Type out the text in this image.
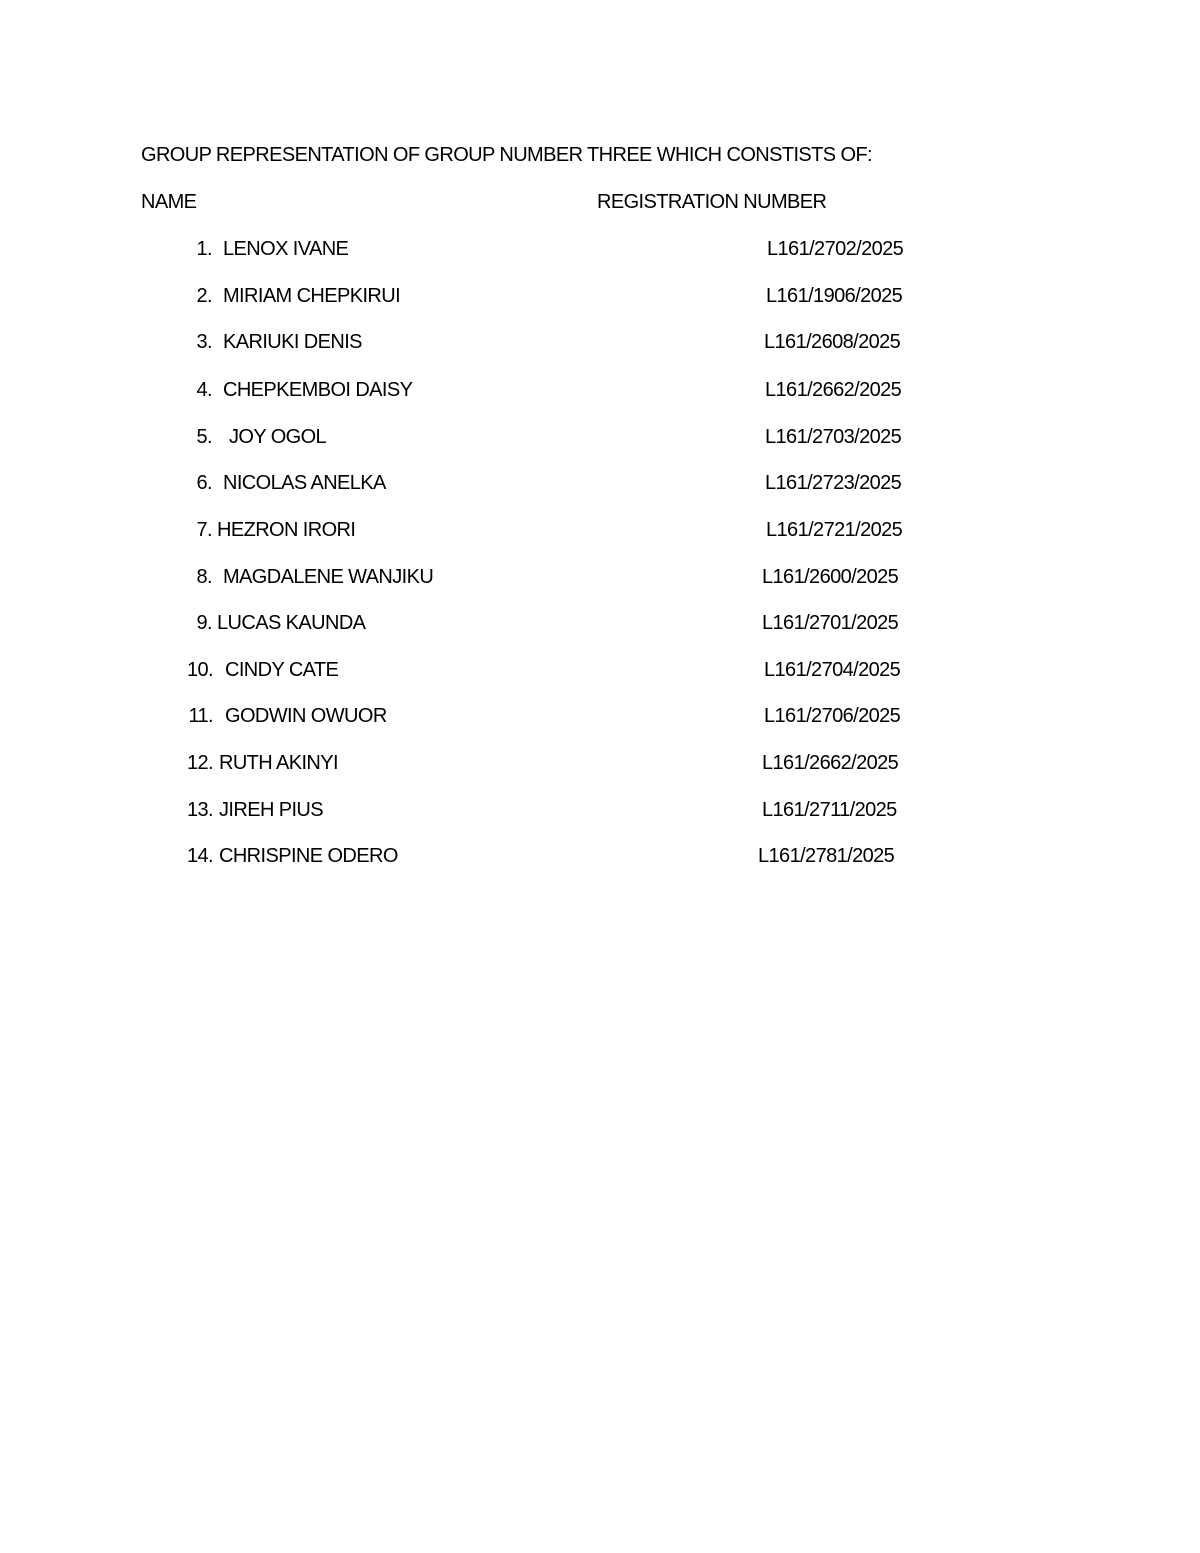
GROUP REPRESENTATION OF GROUP NUMBER THREE WHICH CONSTISTS OF:
NAME	REGISTRATION NUMBER
1. LENOX IVANE	L161/2702/2025
2. MIRIAM CHEPKIRUI	L161/1906/2025
3. KARIUKI DENIS	L161/2608/2025
4. CHEPKEMBOI DAISY	L161/2662/2025
5. JOY OGOL	L161/2703/2025
6. NICOLAS ANELKA	L161/2723/2025
7. HEZRON IRORI	L161/2721/2025
8. MAGDALENE WANJIKU	L161/2600/2025
9. LUCAS KAUNDA	L161/2701/2025
10. CINDY CATE	L161/2704/2025
11. GODWIN OWUOR	L161/2706/2025
12. RUTH AKINYI	L161/2662/2025
13. JIREH PIUS	L161/2711/2025
14. CHRISPINE ODERO	L161/2781/2025
